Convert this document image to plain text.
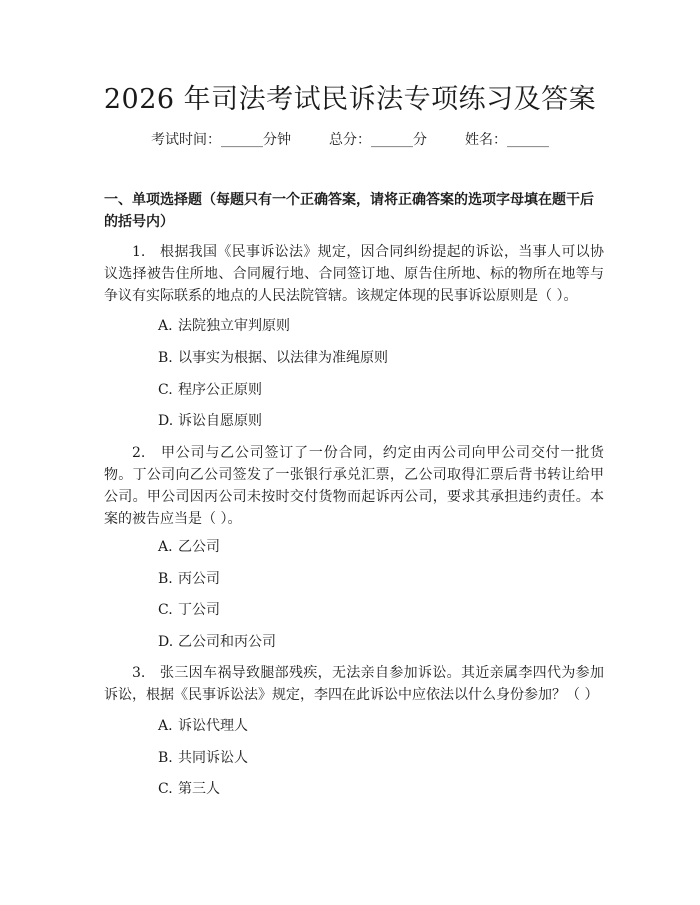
2026 年司法考试民诉法专项练习及答案
考试时间：______分钟	总分：______分	姓名：______
一、单项选择题（每题只有一个正确答案，请将正确答案的选项字母填在题干后的括号内）
1.　根据我国《民事诉讼法》规定，因合同纠纷提起的诉讼，当事人可以协议选择被告住所地、合同履行地、合同签订地、原告住所地、标的物所在地等与争议有实际联系的地点的人民法院管辖。该规定体现的民事诉讼原则是（ ）。
A. 法院独立审判原则
B. 以事实为根据、以法律为准绳原则
C. 程序公正原则
D. 诉讼自愿原则
2.　甲公司与乙公司签订了一份合同，约定由丙公司向甲公司交付一批货物。丁公司向乙公司签发了一张银行承兑汇票，乙公司取得汇票后背书转让给甲公司。甲公司因丙公司未按时交付货物而起诉丙公司，要求其承担违约责任。本案的被告应当是（ ）。
A. 乙公司
B. 丙公司
C. 丁公司
D. 乙公司和丙公司
3.　张三因车祸导致腿部残疾，无法亲自参加诉讼。其近亲属李四代为参加诉讼，根据《民事诉讼法》规定，李四在此诉讼中应依法以什么身份参加？（ ）
A. 诉讼代理人
B. 共同诉讼人
C. 第三人
